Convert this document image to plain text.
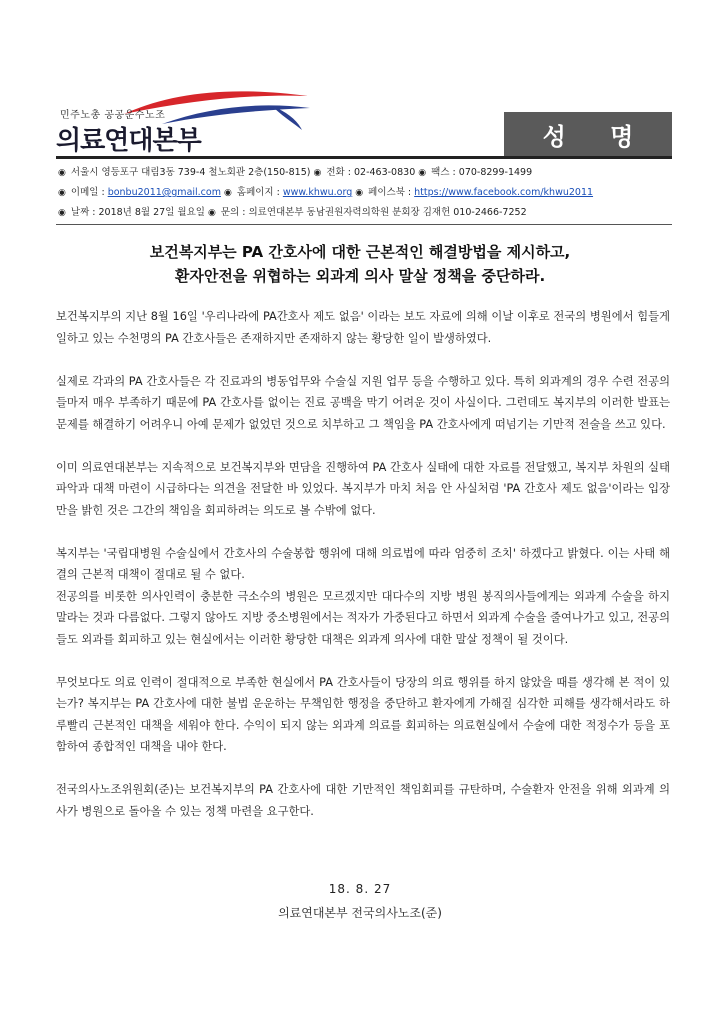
민주노총 공공운수노조
의료연대본부	성 명
◉ 서울시 영등포구 대림3동 739-4 철노회관 2층(150-815) ◉ 전화 : 02-463-0830 ◉ 팩스 : 070-8299-1499
◉ 이메일 : bonbu2011@gmail.com ◉ 홈페이지 : www.khwu.org ◉ 페이스북 : https://www.facebook.com/khwu2011
◉ 날짜 : 2018년 8월 27일 월요일 ◉ 문의 : 의료연대본부 동남권원자력의학원 분회장 김재헌 010-2466-7252
보건복지부는 PA 간호사에 대한 근본적인 해결방법을 제시하고,
환자안전을 위협하는 외과계 의사 말살 정책을 중단하라.

보건복지부의 지난 8월 16일 '우리나라에 PA간호사 제도 없음' 이라는 보도 자료에 의해 이날 이후로 전국의 병원에서 힘들게 일하고 있는 수천명의 PA 간호사들은 존재하지만 존재하지 않는 황당한 일이 발생하였다.

실제로 각과의 PA 간호사들은 각 진료과의 병동업무와 수술실 지원 업무 등을 수행하고 있다. 특히 외과계의 경우 수련 전공의들마저 매우 부족하기 때문에 PA 간호사를 없이는 진료 공백을 막기 어려운 것이 사실이다. 그런데도 복지부의 이러한 발표는 문제를 해결하기 어려우니 아예 문제가 없었던 것으로 치부하고 그 책임을 PA 간호사에게 떠넘기는 기만적 전술을 쓰고 있다.

이미 의료연대본부는 지속적으로 보건복지부와 면담을 진행하여 PA 간호사 실태에 대한 자료를 전달했고, 복지부 차원의 실태파악과 대책 마련이 시급하다는 의견을 전달한 바 있었다. 복지부가 마치 처음 안 사실처럼 'PA 간호사 제도 없음'이라는 입장만을 밝힌 것은 그간의 책임을 회피하려는 의도로 볼 수밖에 없다.

복지부는 '국립대병원 수술실에서 간호사의 수술봉합 행위에 대해 의료법에 따라 엄중히 조치' 하겠다고 밝혔다. 이는 사태 해결의 근본적 대책이 절대로 될 수 없다.

전공의를 비롯한 의사인력이 충분한 극소수의 병원은 모르겠지만 대다수의 지방 병원 봉직의사들에게는 외과계 수술을 하지 말라는 것과 다름없다. 그렇지 않아도 지방 중소병원에서는 적자가 가중된다고 하면서 외과계 수술을 줄여나가고 있고, 전공의들도 외과를 회피하고 있는 현실에서는 이러한 황당한 대책은 외과계 의사에 대한 말살 정책이 될 것이다.

무엇보다도 의료 인력이 절대적으로 부족한 현실에서 PA 간호사들이 당장의 의료 행위를 하지 않았을 때를 생각해 본 적이 있는가? 복지부는 PA 간호사에 대한 불법 운운하는 무책임한 행정을 중단하고 환자에게 가해질 심각한 피해를 생각해서라도 하루빨리 근본적인 대책을 세워야 한다. 수익이 되지 않는 외과계 의료를 회피하는 의료현실에서 수술에 대한 적정수가 등을 포함하여 종합적인 대책을 내야 한다.

전국의사노조위원회(준)는 보건복지부의 PA 간호사에 대한 기만적인 책임회피를 규탄하며, 수술환자 안전을 위해 외과계 의사가 병원으로 돌아올 수 있는 정책 마련을 요구한다.

18. 8. 27
의료연대본부 전국의사노조(준)
